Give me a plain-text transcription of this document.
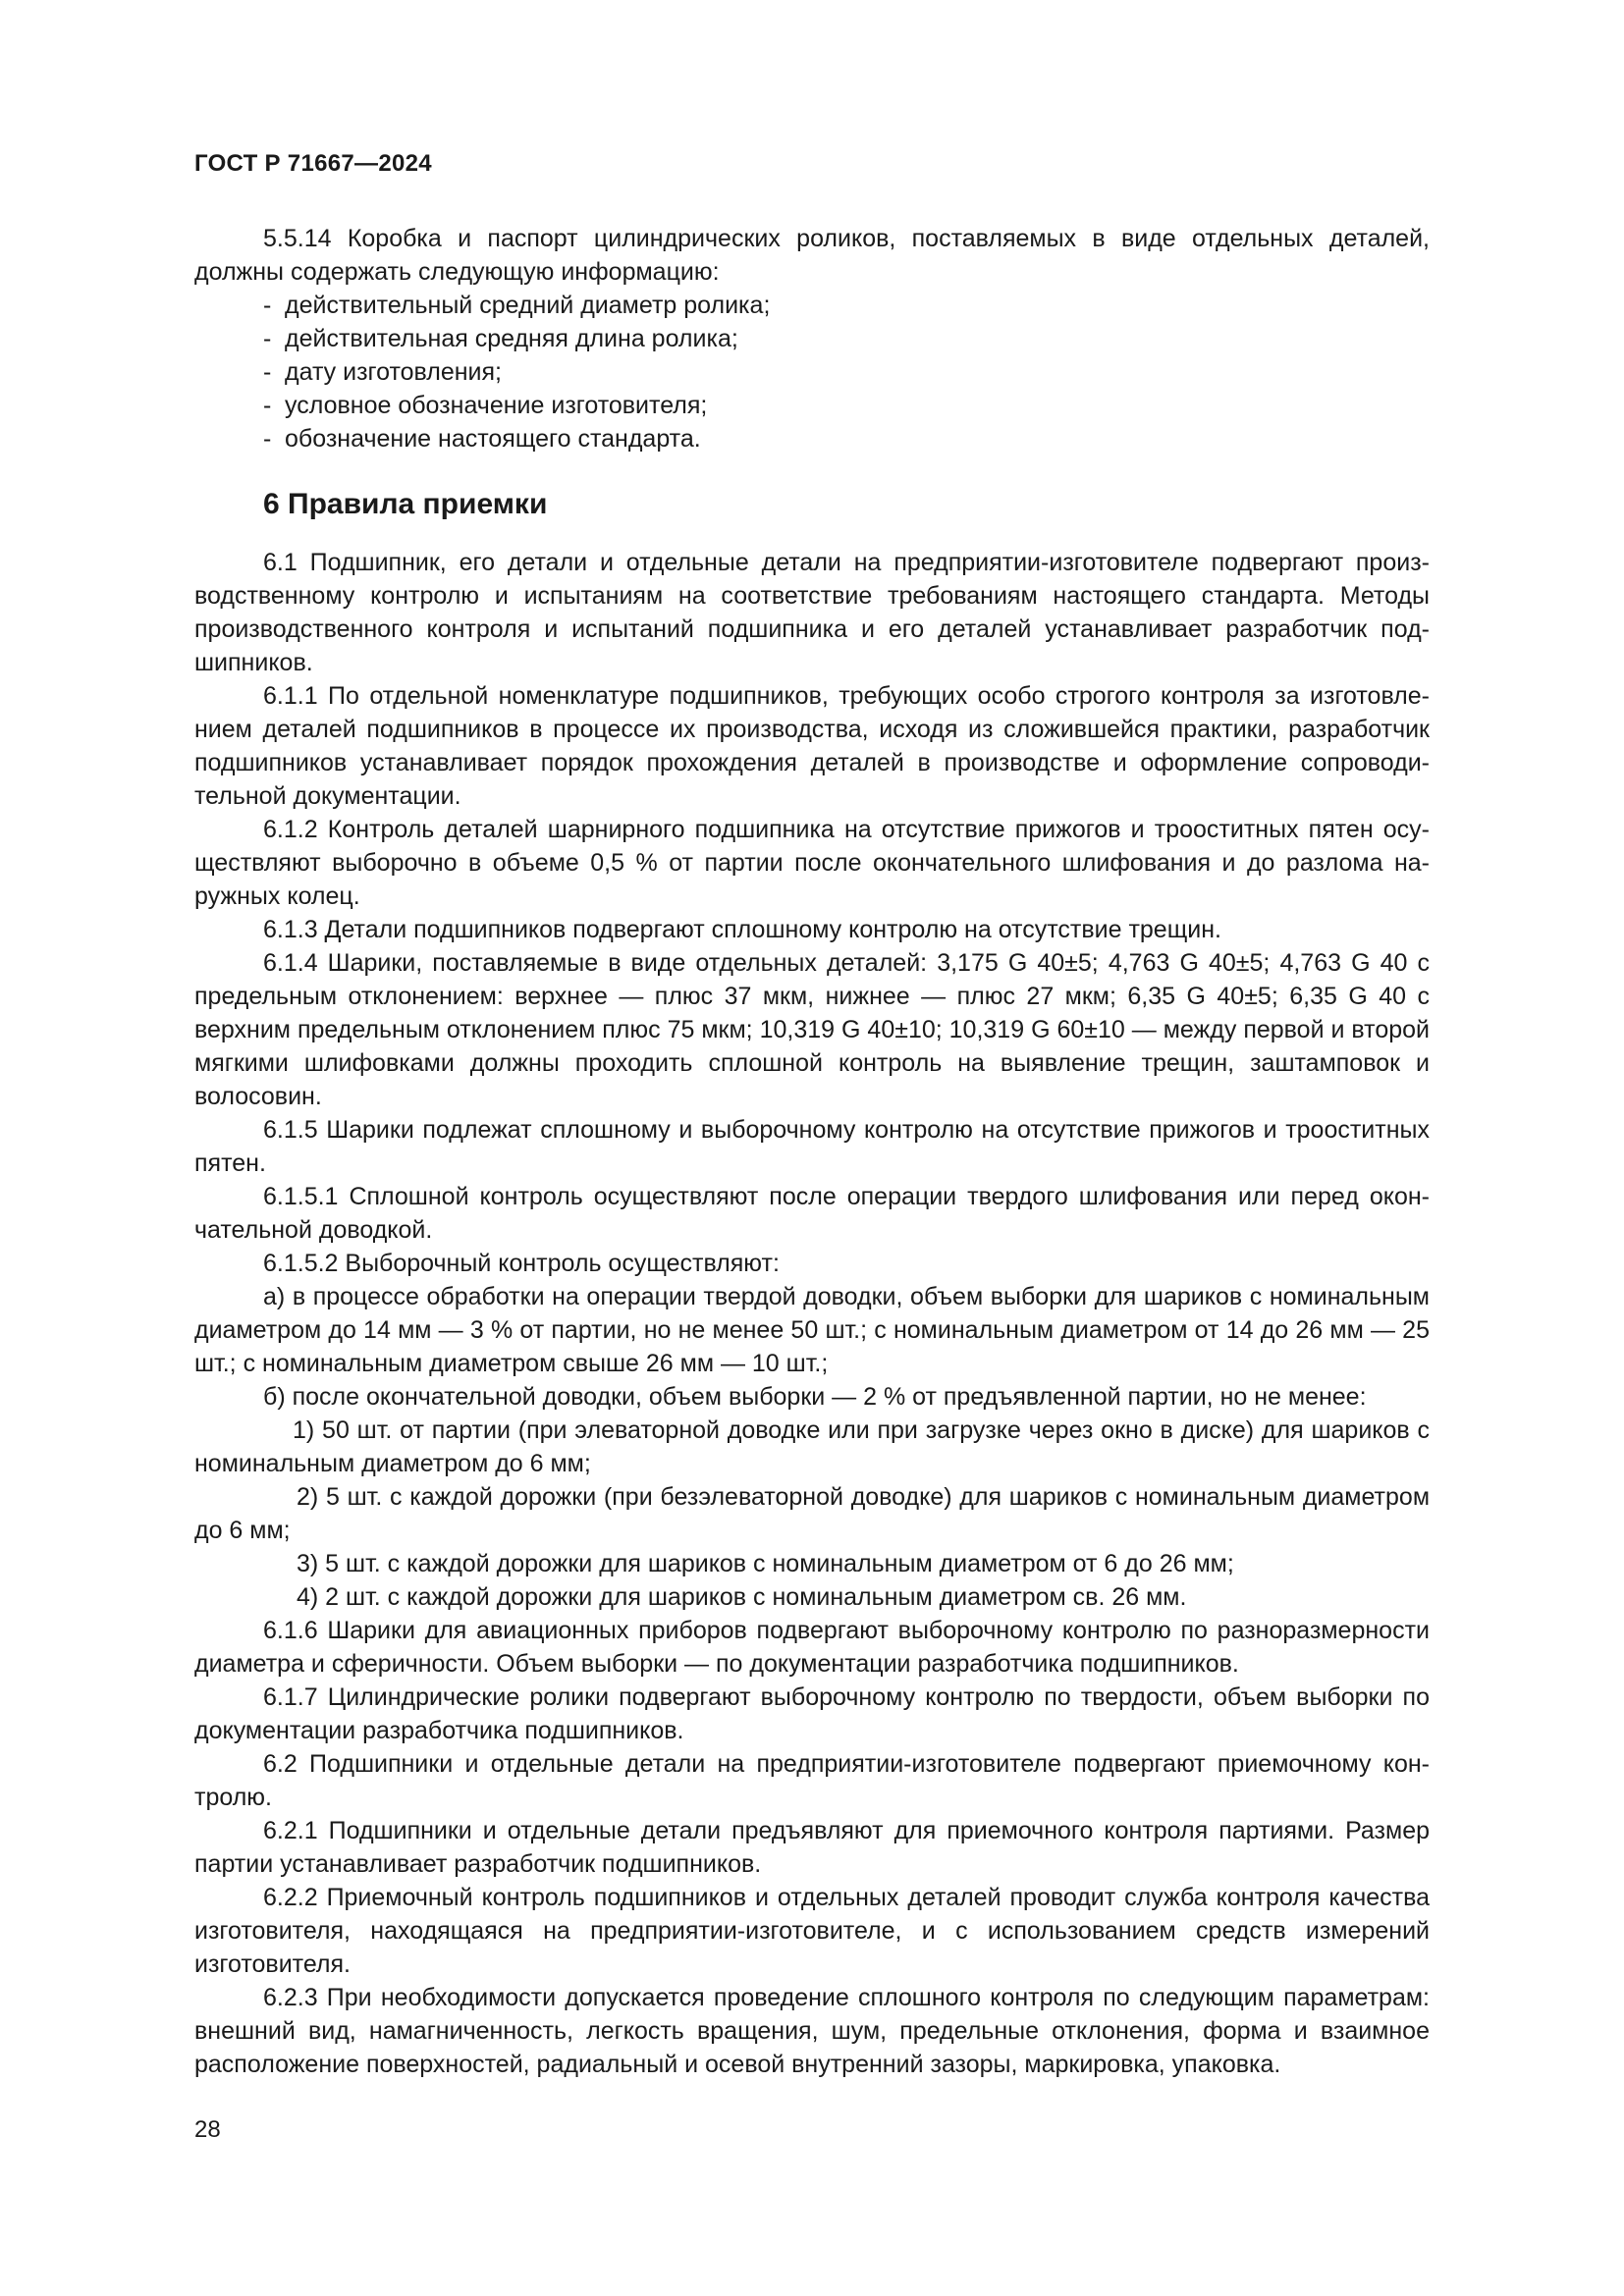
ГОСТ Р 71667—2024

5.5.14 Коробка и паспорт цилиндрических роликов, поставляемых в виде отдельных деталей, должны содержать следующую информацию:

- действительный средний диаметр ролика;

- действительная средняя длина ролика;

- дату изготовления;

- условное обозначение изготовителя;

- обозначение настоящего стандарта.

6 Правила приемки

6.1 Подшипник, его детали и отдельные детали на предприятии-изготовителе подвергают производственному контролю и испытаниям на соответствие требованиям настоящего стандарта. Методы производственного контроля и испытаний подшипника и его деталей устанавливает разработчик подшипников.

6.1.1 По отдельной номенклатуре подшипников, требующих особо строгого контроля за изготовлением деталей подшипников в процессе их производства, исходя из сложившейся практики, разработчик подшипников устанавливает порядок прохождения деталей в производстве и оформление сопроводительной документации.

6.1.2 Контроль деталей шарнирного подшипника на отсутствие прижогов и трооститных пятен осуществляют выборочно в объеме 0,5 % от партии после окончательного шлифования и до разлома наружных колец.

6.1.3 Детали подшипников подвергают сплошному контролю на отсутствие трещин.

6.1.4 Шарики, поставляемые в виде отдельных деталей: 3,175 G 40±5; 4,763 G 40±5; 4,763 G 40 с предельным отклонением: верхнее — плюс 37 мкм, нижнее — плюс 27 мкм; 6,35 G 40±5; 6,35 G 40 с верхним предельным отклонением плюс 75 мкм; 10,319 G 40±10; 10,319 G 60±10 — между первой и второй мягкими шлифовками должны проходить сплошной контроль на выявление трещин, заштамповок и волосовин.

6.1.5 Шарики подлежат сплошному и выборочному контролю на отсутствие прижогов и трооститных пятен.

6.1.5.1 Сплошной контроль осуществляют после операции твердого шлифования или перед окончательной доводкой.

6.1.5.2 Выборочный контроль осуществляют:

а) в процессе обработки на операции твердой доводки, объем выборки для шариков с номинальным диаметром до 14 мм — 3 % от партии, но не менее 50 шт.; с номинальным диаметром от 14 до 26 мм — 25 шт.; с номинальным диаметром свыше 26 мм — 10 шт.;

б) после окончательной доводки, объем выборки — 2 % от предъявленной партии, но не менее:

1) 50 шт. от партии (при элеваторной доводке или при загрузке через окно в диске) для шариков с номинальным диаметром до 6 мм;

2) 5 шт. с каждой дорожки (при безэлеваторной доводке) для шариков с номинальным диаметром до 6 мм;

3) 5 шт. с каждой дорожки для шариков с номинальным диаметром от 6 до 26 мм;

4) 2 шт. с каждой дорожки для шариков с номинальным диаметром св. 26 мм.

6.1.6 Шарики для авиационных приборов подвергают выборочному контролю по разноразмерности диаметра и сферичности. Объем выборки — по документации разработчика подшипников.

6.1.7 Цилиндрические ролики подвергают выборочному контролю по твердости, объем выборки по документации разработчика подшипников.

6.2 Подшипники и отдельные детали на предприятии-изготовителе подвергают приемочному контролю.

6.2.1 Подшипники и отдельные детали предъявляют для приемочного контроля партиями. Размер партии устанавливает разработчик подшипников.

6.2.2 Приемочный контроль подшипников и отдельных деталей проводит служба контроля качества изготовителя, находящаяся на предприятии-изготовителе, и с использованием средств измерений изготовителя.

6.2.3 При необходимости допускается проведение сплошного контроля по следующим параметрам: внешний вид, намагниченность, легкость вращения, шум, предельные отклонения, форма и взаимное расположение поверхностей, радиальный и осевой внутренний зазоры, маркировка, упаковка.

28
